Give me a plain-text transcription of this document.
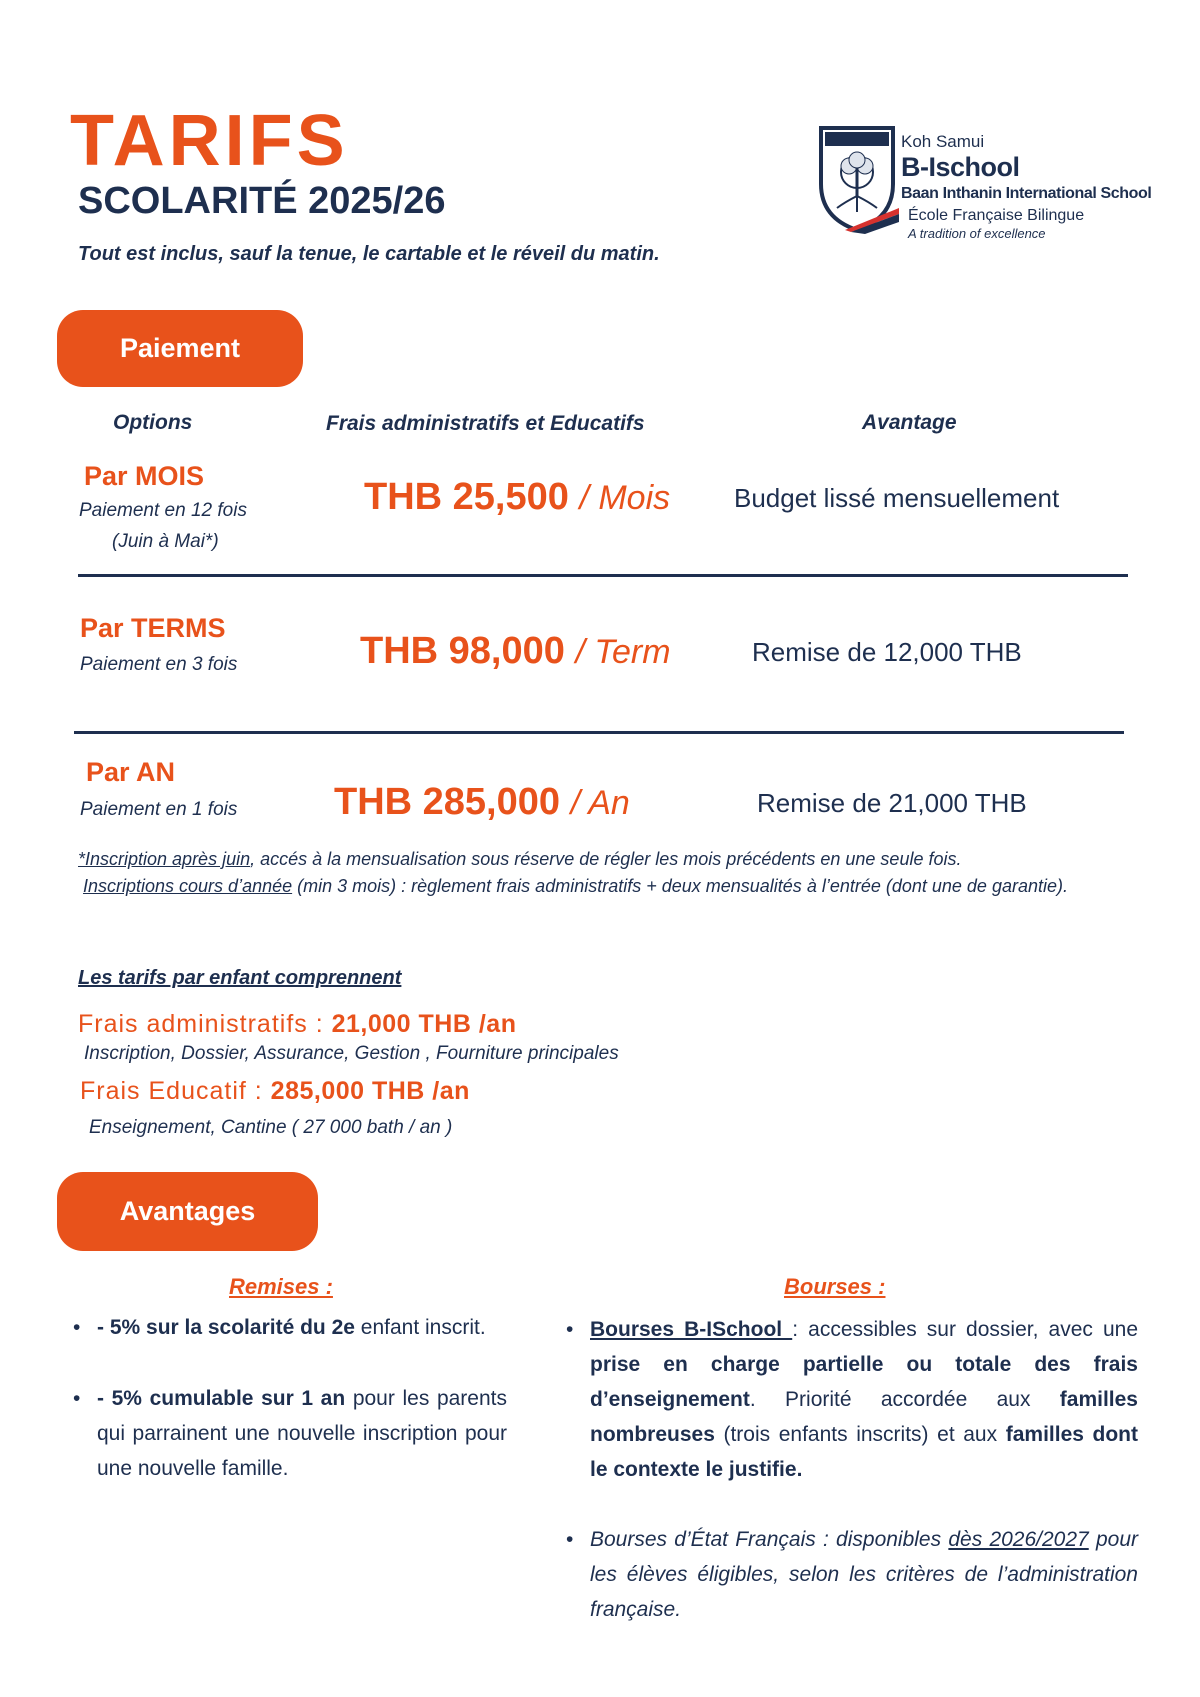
TARIFS
SCOLARITÉ 2025/26
Tout est inclus, sauf la tenue, le cartable et le réveil du matin.
Koh Samui
B-Ischool
Baan Inthanin International School
École Française Bilingue
A tradition of excellence
Paiement
Options	Frais administratifs et Educatifs	Avantage
Par MOIS
Paiement en 12 fois
(Juin à Mai*)
THB 25,500 / Mois Budget lissé mensuellement
Par TERMS
Paiement en 3 fois	THB 98,000 / Term	Remise de 12,000 THB
Par AN
Paiement en 1 fois	THB 285,000 / An	Remise de 21,000 THB
*Inscription après juin, accés à la mensualisation sous réserve de régler les mois précédents en une seule fois.
Inscriptions cours d’année (min 3 mois) : règlement frais administratifs + deux mensualités à l’entrée (dont une de garantie).
Les tarifs par enfant comprennent
Frais administratifs : 21,000 THB /an
Inscription, Dossier, Assurance, Gestion , Fourniture principales
Frais Educatif : 285,000 THB /an
Enseignement, Cantine ( 27 000 bath / an )
Avantages
Remises :
• - 5% sur la scolarité du 2e enfant inscrit.
• - 5% cumulable sur 1 an pour les parents qui parrainent une nouvelle inscription pour une nouvelle famille.
Bourses :
• Bourses B-ISchool : accessibles sur dossier, avec une prise en charge partielle ou totale des frais d’enseignement. Priorité accordée aux familles nombreuses (trois enfants inscrits) et aux familles dont le contexte le justifie.
• Bourses d’État Français : disponibles dès 2026/2027 pour les élèves éligibles, selon les critères de l’administration française.
